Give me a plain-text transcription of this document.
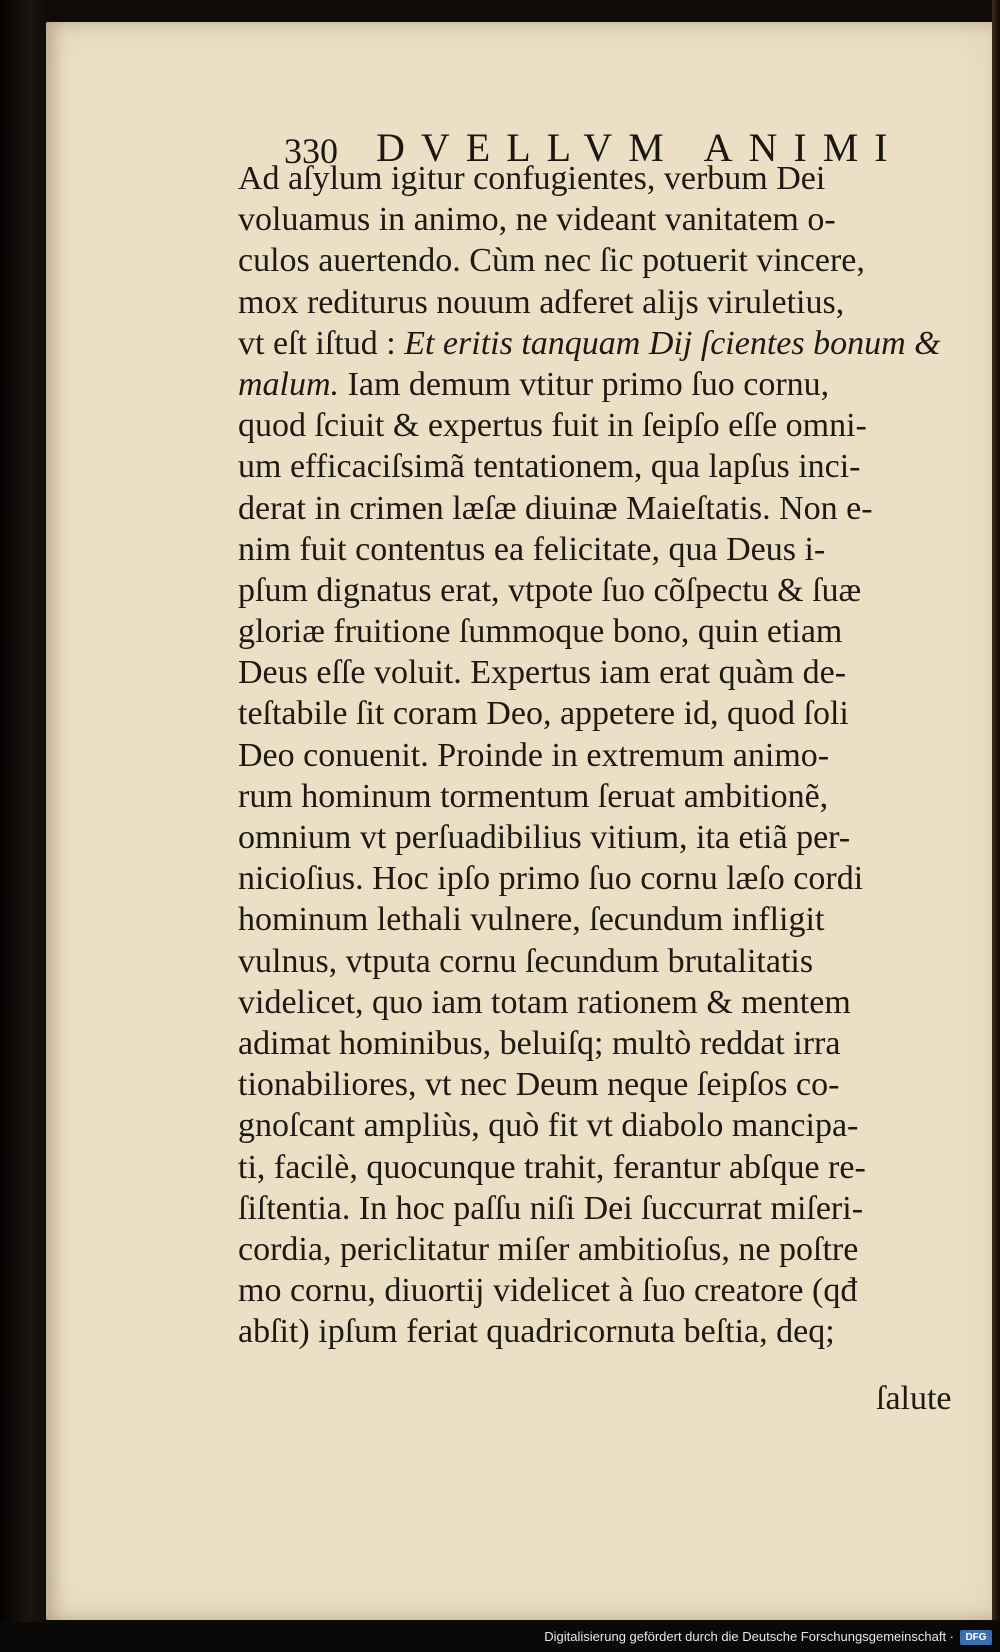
330 DVELLVM ANIMI
Ad aſylum igitur confugientes, verbum Dei
voluamus in animo, ne videant vanitatem o-
culos auertendo. Cùm nec ſic potuerit vincere,
mox rediturus nouum adferet alijs viruletius,
vt eſt iſtud : Et eritis tanquam Dij ſcientes bonum &
malum. Iam demum vtitur primo ſuo cornu,
quod ſciuit & expertus fuit in ſeipſo eſſe omni-
um efficaciſsimã tentationem, qua lapſus inci-
derat in crimen læſæ diuinæ Maieſtatis. Non e-
nim fuit contentus ea felicitate, qua Deus i-
pſum dignatus erat, vtpote ſuo cõſpectu & ſuæ
gloriæ fruitione ſummoque bono, quin etiam
Deus eſſe voluit. Expertus iam erat quàm de-
teſtabile ſit coram Deo, appetere id, quod ſoli
Deo conuenit. Proinde in extremum animo-
rum hominum tormentum ſeruat ambitionẽ,
omnium vt perſuadibilius vitium, ita etiã per-
nicioſius. Hoc ipſo primo ſuo cornu læſo cordi
hominum lethali vulnere, ſecundum infligit
vulnus, vtputa cornu ſecundum brutalitatis
videlicet, quo iam totam rationem & mentem
adimat hominibus, beluiſq; multò reddat irra
tionabiliores, vt nec Deum neque ſeipſos co-
gnoſcant ampliùs, quò fit vt diabolo mancipa-
ti, facilè, quocunque trahit, ferantur abſque re-
ſiſtentia. In hoc paſſu niſi Dei ſuccurrat miſeri-
cordia, periclitatur miſer ambitioſus, ne poſtre
mo cornu, diuortij videlicet à ſuo creatore (qđ
abſit) ipſum feriat quadricornuta beſtia, deq;
ſalute
Digitalisierung gefördert durch die Deutsche Forschungsgemeinschaft ·	DFG
